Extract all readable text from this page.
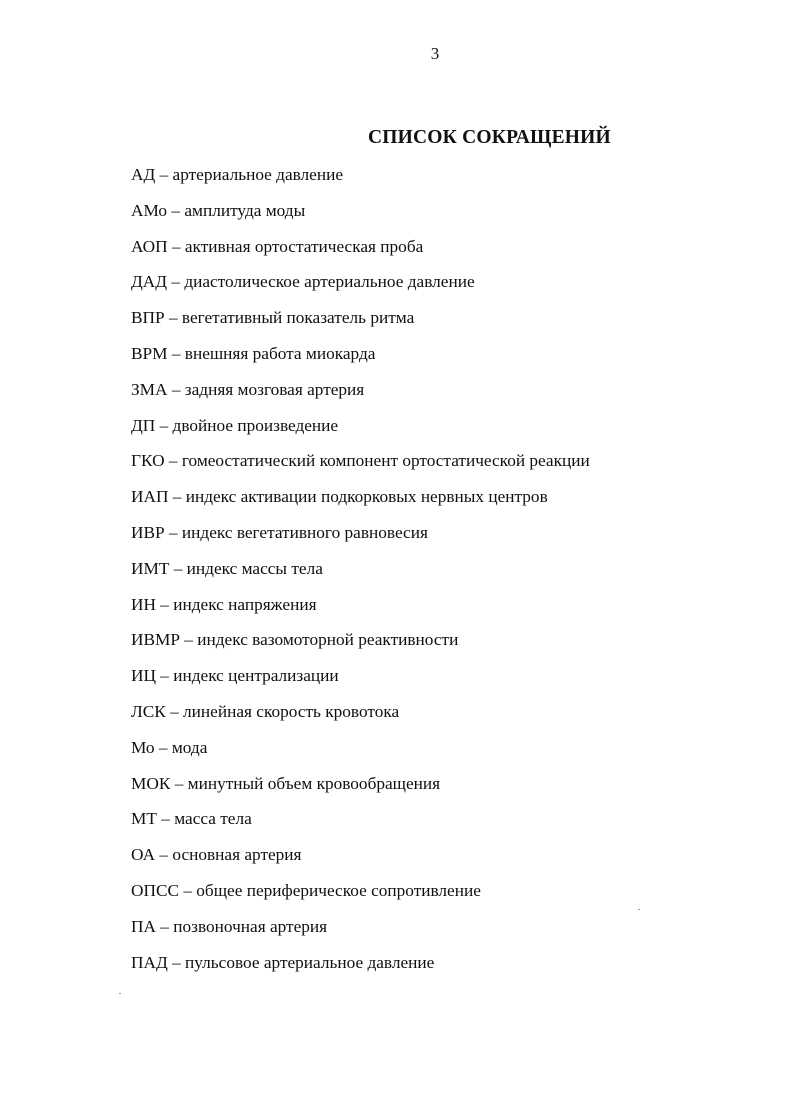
3
СПИСОК СОКРАЩЕНИЙ
АД – артериальное давление
АМо – амплитуда моды
АОП – активная ортостатическая проба
ДАД – диастолическое артериальное давление
ВПР – вегетативный показатель ритма
ВРМ – внешняя работа миокарда
ЗМА – задняя мозговая артерия
ДП – двойное произведение
ГКО – гомеостатический компонент ортостатической реакции
ИАП – индекс активации подкорковых нервных центров
ИВР – индекс вегетативного равновесия
ИМТ – индекс массы тела
ИН – индекс напряжения
ИВМР – индекс вазомоторной реактивности
ИЦ – индекс централизации
ЛСК – линейная скорость кровотока
Мо – мода
МОК – минутный объем кровообращения
МТ – масса тела
ОА – основная артерия
ОПСС – общее периферическое сопротивление
ПА – позвоночная артерия
ПАД – пульсовое артериальное давление
